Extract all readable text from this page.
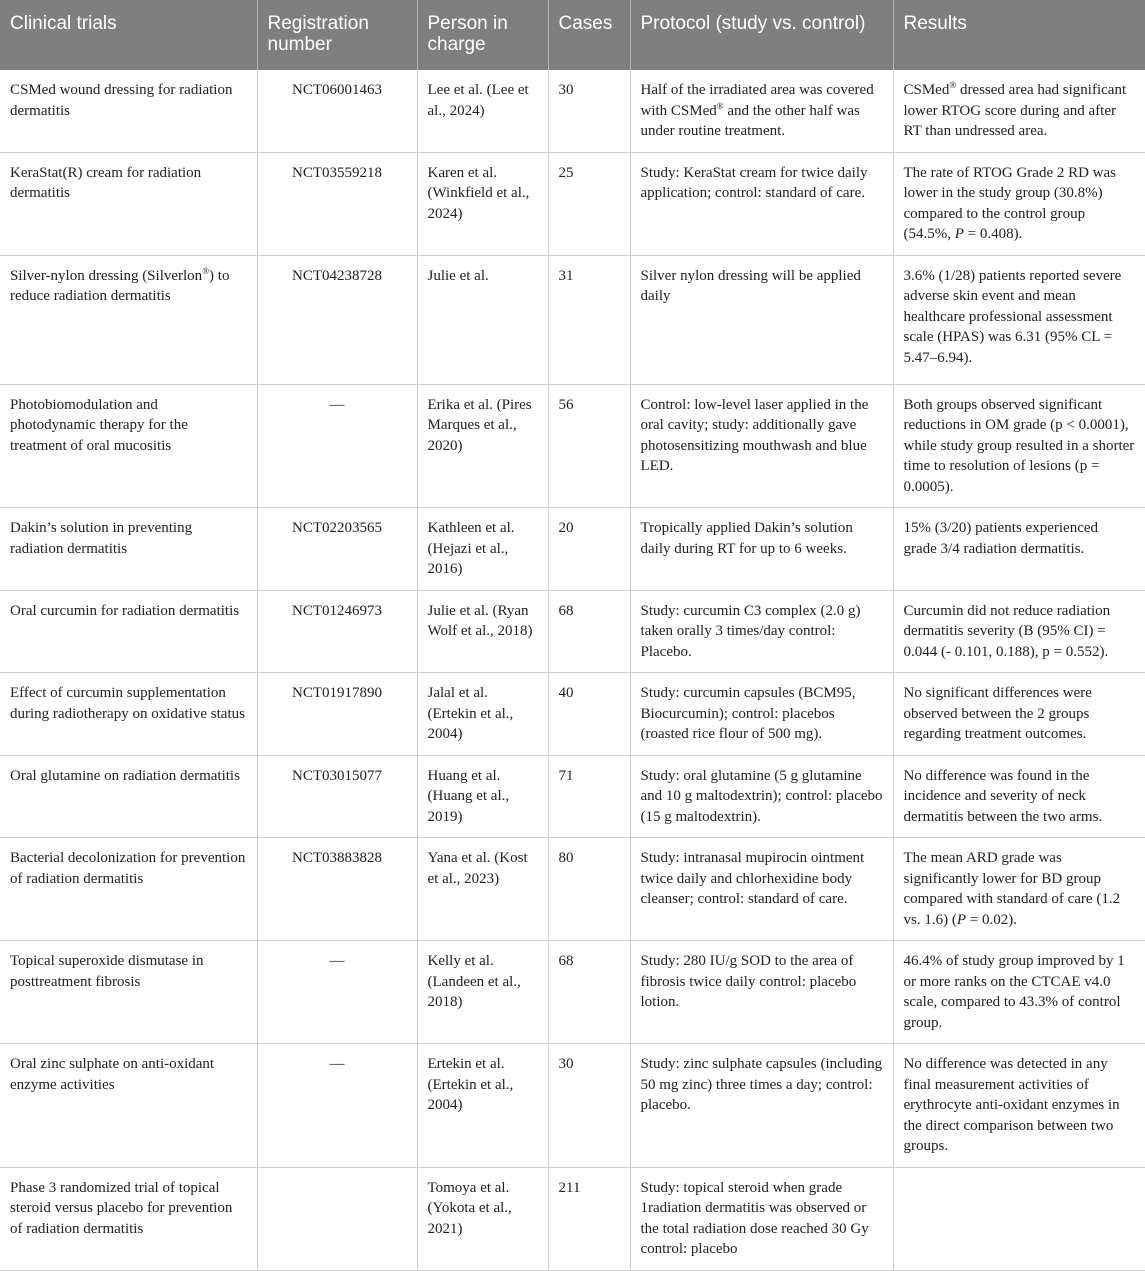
Clinical trials	Registration number	Person in charge	Cases	Protocol (study vs. control)	Results
CSMed wound dressing for radiation dermatitis	NCT06001463	Lee et al. (Lee et al., 2024)	30	Half of the irradiated area was covered with CSMed® and the other half was under routine treatment.	CSMed® dressed area had significant lower RTOG score during and after RT than undressed area.
KeraStat(R) cream for radiation dermatitis	NCT03559218	Karen et al. (Winkfield et al., 2024)	25	Study: KeraStat cream for twice daily application; control: standard of care.	The rate of RTOG Grade 2 RD was lower in the study group (30.8%) compared to the control group (54.5%, P = 0.408).
Silver-nylon dressing (Silverlon®) to reduce radiation dermatitis	NCT04238728	Julie et al.	31	Silver nylon dressing will be applied daily	3.6% (1/28) patients reported severe adverse skin event and mean healthcare professional assessment scale (HPAS) was 6.31 (95% CL = 5.47–6.94).
Photobiomodulation and photodynamic therapy for the treatment of oral mucositis	—	Erika et al. (Pires Marques et al., 2020)	56	Control: low-level laser applied in the oral cavity; study: additionally gave photosensitizing mouthwash and blue LED.	Both groups observed significant reductions in OM grade (p < 0.0001), while study group resulted in a shorter time to resolution of lesions (p = 0.0005).
Dakin’s solution in preventing radiation dermatitis	NCT02203565	Kathleen et al. (Hejazi et al., 2016)	20	Tropically applied Dakin’s solution daily during RT for up to 6 weeks.	15% (3/20) patients experienced grade 3/4 radiation dermatitis.
Oral curcumin for radiation dermatitis	NCT01246973	Julie et al. (Ryan Wolf et al., 2018)	68	Study: curcumin C3 complex (2.0 g) taken orally 3 times/day control: Placebo.	Curcumin did not reduce radiation dermatitis severity (B (95% CI) = 0.044 (- 0.101, 0.188), p = 0.552).
Effect of curcumin supplementation during radiotherapy on oxidative status	NCT01917890	Jalal et al. (Ertekin et al., 2004)	40	Study: curcumin capsules (BCM95, Biocurcumin); control: placebos (roasted rice flour of 500 mg).	No significant differences were observed between the 2 groups regarding treatment outcomes.
Oral glutamine on radiation dermatitis	NCT03015077	Huang et al. (Huang et al., 2019)	71	Study: oral glutamine (5 g glutamine and 10 g maltodextrin); control: placebo (15 g maltodextrin).	No difference was found in the incidence and severity of neck dermatitis between the two arms.
Bacterial decolonization for prevention of radiation dermatitis	NCT03883828	Yana et al. (Kost et al., 2023)	80	Study: intranasal mupirocin ointment twice daily and chlorhexidine body cleanser; control: standard of care.	The mean ARD grade was significantly lower for BD group compared with standard of care (1.2 vs. 1.6) (P = 0.02).
Topical superoxide dismutase in posttreatment fibrosis	—	Kelly et al. (Landeen et al., 2018)	68	Study: 280 IU/g SOD to the area of fibrosis twice daily control: placebo lotion.	46.4% of study group improved by 1 or more ranks on the CTCAE v4.0 scale, compared to 43.3% of control group.
Oral zinc sulphate on anti-oxidant enzyme activities	—	Ertekin et al. (Ertekin et al., 2004)	30	Study: zinc sulphate capsules (including 50 mg zinc) three times a day; control: placebo.	No difference was detected in any final measurement activities of erythrocyte anti-oxidant enzymes in the direct comparison between two groups.
Phase 3 randomized trial of topical steroid versus placebo for prevention of radiation dermatitis		Tomoya et al. (Yokota et al., 2021)	211	Study: topical steroid when grade 1radiation dermatitis was observed or the total radiation dose reached 30 Gy control: placebo	
